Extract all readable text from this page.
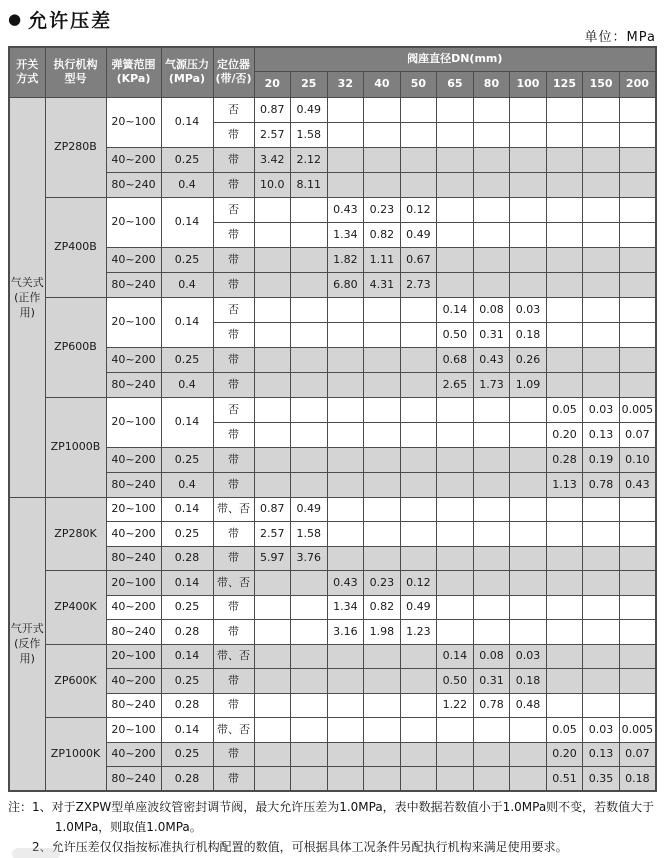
● 允许压差
单位：MPa
开关
方式

执行机构
型号

弹簧范围
(KPa)

气源压力
(MPa)

定位器
(带/否)
	阀座直径DN(mm)
					20	25	32	40	50	65	80	100	125	150	200

气关式
(正作用)	ZP280B	20~100	0.14	否	0.87	0.49									
				带	2.57	1.58									
		40~200	0.25	带	3.42	2.12									
		80~240	0.4	带	10.0	8.11									
	ZP400B	20~100	0.14	否			0.43	0.23	0.12						
				带			1.34	0.82	0.49						
		40~200	0.25	带			1.82	1.11	0.67						
		80~240	0.4	带			6.80	4.31	2.73						
	ZP600B	20~100	0.14	否						0.14	0.08	0.03			
				带						0.50	0.31	0.18			
		40~200	0.25	带						0.68	0.43	0.26			
		80~240	0.4	带						2.65	1.73	1.09			
	ZP1000B	20~100	0.14	否									0.05	0.03	0.005
				带									0.20	0.13	0.07
		40~200	0.25	带									0.28	0.19	0.10
		80~240	0.4	带									1.13	0.78	0.43

气开式
(反作用)	ZP280K	20~100	0.14	带、否	0.87	0.49									
		40~200	0.25	带	2.57	1.58									
		80~240	0.28	带	5.97	3.76									
	ZP400K	20~100	0.14	带、否			0.43	0.23	0.12						
		40~200	0.25	带			1.34	0.82	0.49						
		80~240	0.28	带			3.16	1.98	1.23						
	ZP600K	20~100	0.14	带、否						0.14	0.08	0.03			
		40~200	0.25	带						0.50	0.31	0.18			
		80~240	0.28	带						1.22	0.78	0.48			
	ZP1000K	20~100	0.14	带、否									0.05	0.03	0.005
		40~200	0.25	带									0.20	0.13	0.07
		80~240	0.28	带									0.51	0.35	0.18
注： 1、对于ZXPW型单座波纹管密封调节阀，最大允许压差为1.0MPa，表中数据若数值小于1.0MPa则不变，若数值大于1.0MPa，则取值1.0MPa。
2、允许压差仅仅指按标准执行机构配置的数值，可根据具体工况条件另配执行机构来满足使用要求。
